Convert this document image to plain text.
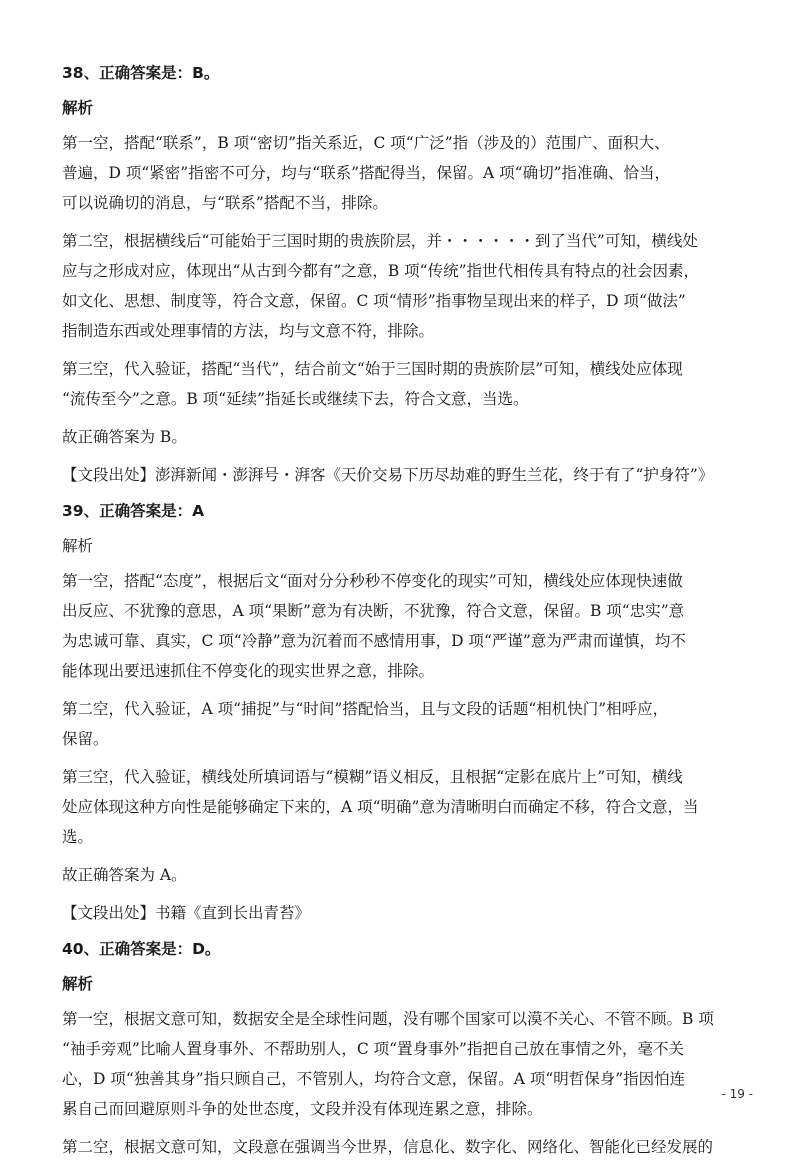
38、正确答案是：B。
解析
第一空，搭配“联系”，B 项“密切”指关系近，C 项“广泛”指（涉及的）范围广、面积大、
普遍，D 项“紧密”指密不可分，均与“联系”搭配得当，保留。A 项“确切”指准确、恰当，
可以说确切的消息，与“联系”搭配不当，排除。
第二空，根据横线后“可能始于三国时期的贵族阶层，并・・・・・・到了当代”可知，横线处
应与之形成对应，体现出“从古到今都有”之意，B 项“传统”指世代相传具有特点的社会因素，
如文化、思想、制度等，符合文意，保留。C 项“情形”指事物呈现出来的样子，D 项“做法”
指制造东西或处理事情的方法，均与文意不符，排除。
第三空，代入验证，搭配“当代”，结合前文“始于三国时期的贵族阶层”可知，横线处应体现
“流传至今”之意。B 项“延续”指延长或继续下去，符合文意，当选。
故正确答案为 B。
【文段出处】澎湃新闻・澎湃号・湃客《天价交易下历尽劫难的野生兰花，终于有了“护身符”》
39、正确答案是：A
解析
第一空，搭配“态度”，根据后文“面对分分秒秒不停变化的现实”可知，横线处应体现快速做
出反应、不犹豫的意思，A 项“果断”意为有决断，不犹豫，符合文意，保留。B 项“忠实”意
为忠诚可靠、真实，C 项“冷静”意为沉着而不感情用事，D 项“严谨”意为严肃而谨慎，均不
能体现出要迅速抓住不停变化的现实世界之意，排除。
第二空，代入验证，A 项“捕捉”与“时间”搭配恰当，且与文段的话题“相机快门”相呼应，
保留。
第三空，代入验证，横线处所填词语与“模糊”语义相反，且根据“定影在底片上”可知，横线
处应体现这种方向性是能够确定下来的，A 项“明确”意为清晰明白而确定不移，符合文意，当
选。
故正确答案为 A。
【文段出处】书籍《直到长出青苔》
40、正确答案是：D。
解析
第一空，根据文意可知，数据安全是全球性问题，没有哪个国家可以漠不关心、不管不顾。B 项
“袖手旁观”比喻人置身事外、不帮助别人，C 项“置身事外”指把自己放在事情之外，毫不关
心，D 项“独善其身”指只顾自己，不管别人，均符合文意，保留。A 项“明哲保身”指因怕连
累自己而回避原则斗争的处世态度，文段并没有体现连累之意，排除。
第二空，根据文意可知，文段意在强调当今世界，信息化、数字化、网络化、智能化已经发展的
- 19 -
